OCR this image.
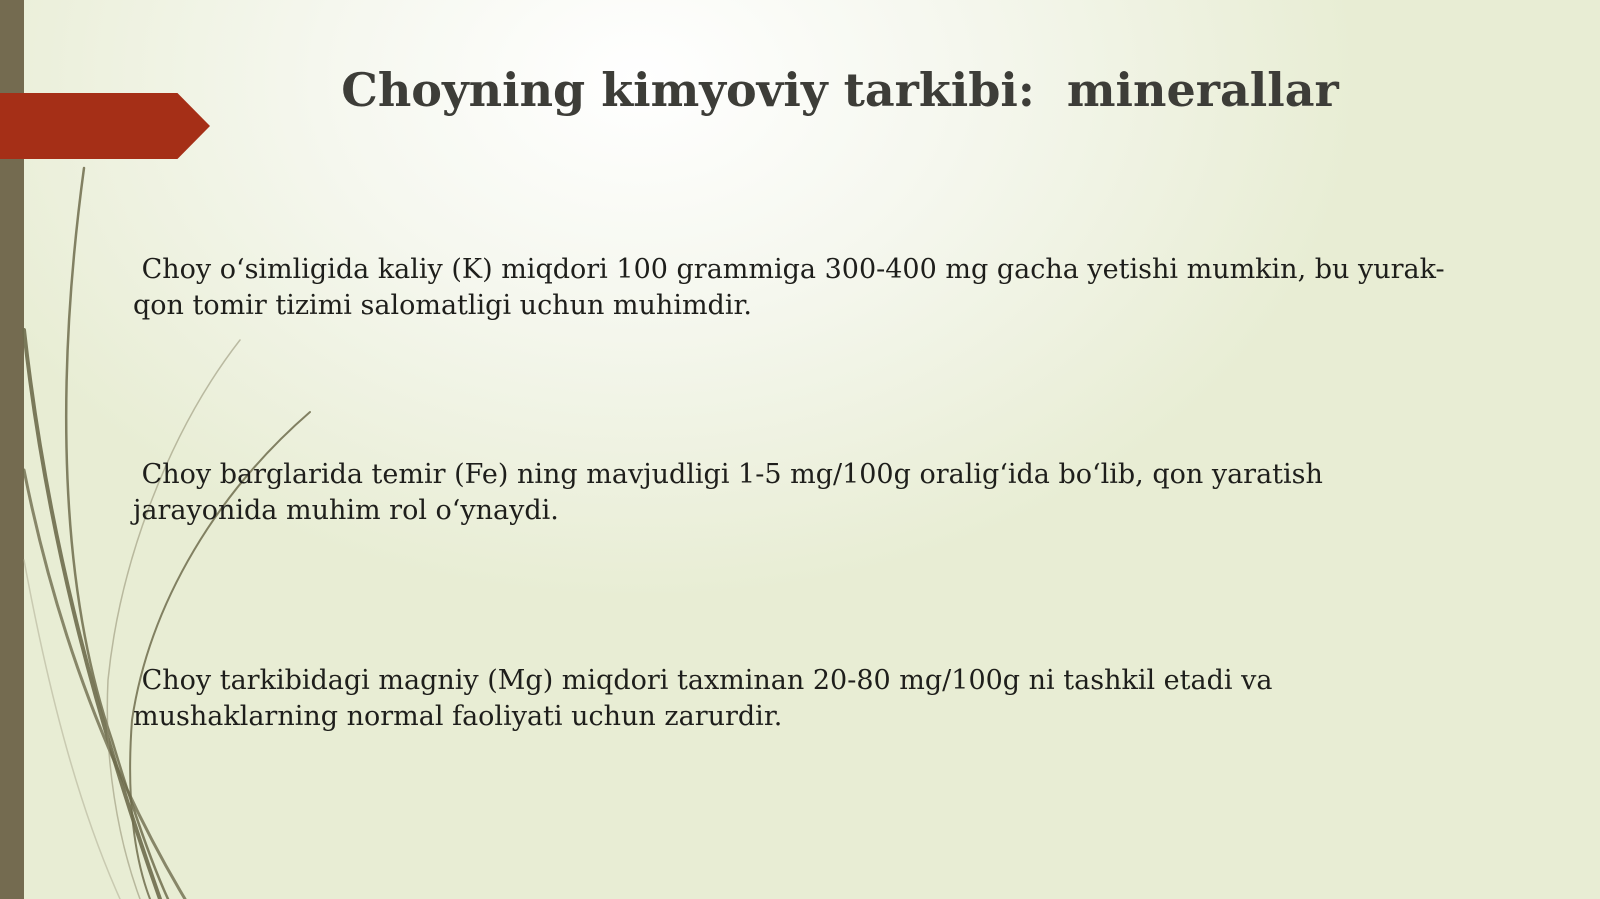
Choyning kimyoviy tarkibi:  minerallar

Choy o‘simligida kaliy (K) miqdori 100 grammiga 300-400 mg gacha yetishi mumkin, bu yurak-
qon tomir tizimi salomatligi uchun muhimdir.

Choy barglarida temir (Fe) ning mavjudligi 1-5 mg/100g oralig‘ida bo‘lib, qon yaratish
jarayonida muhim rol o‘ynaydi.

Choy tarkibidagi magniy (Mg) miqdori taxminan 20-80 mg/100g ni tashkil etadi va
mushaklarning normal faoliyati uchun zarurdir.
